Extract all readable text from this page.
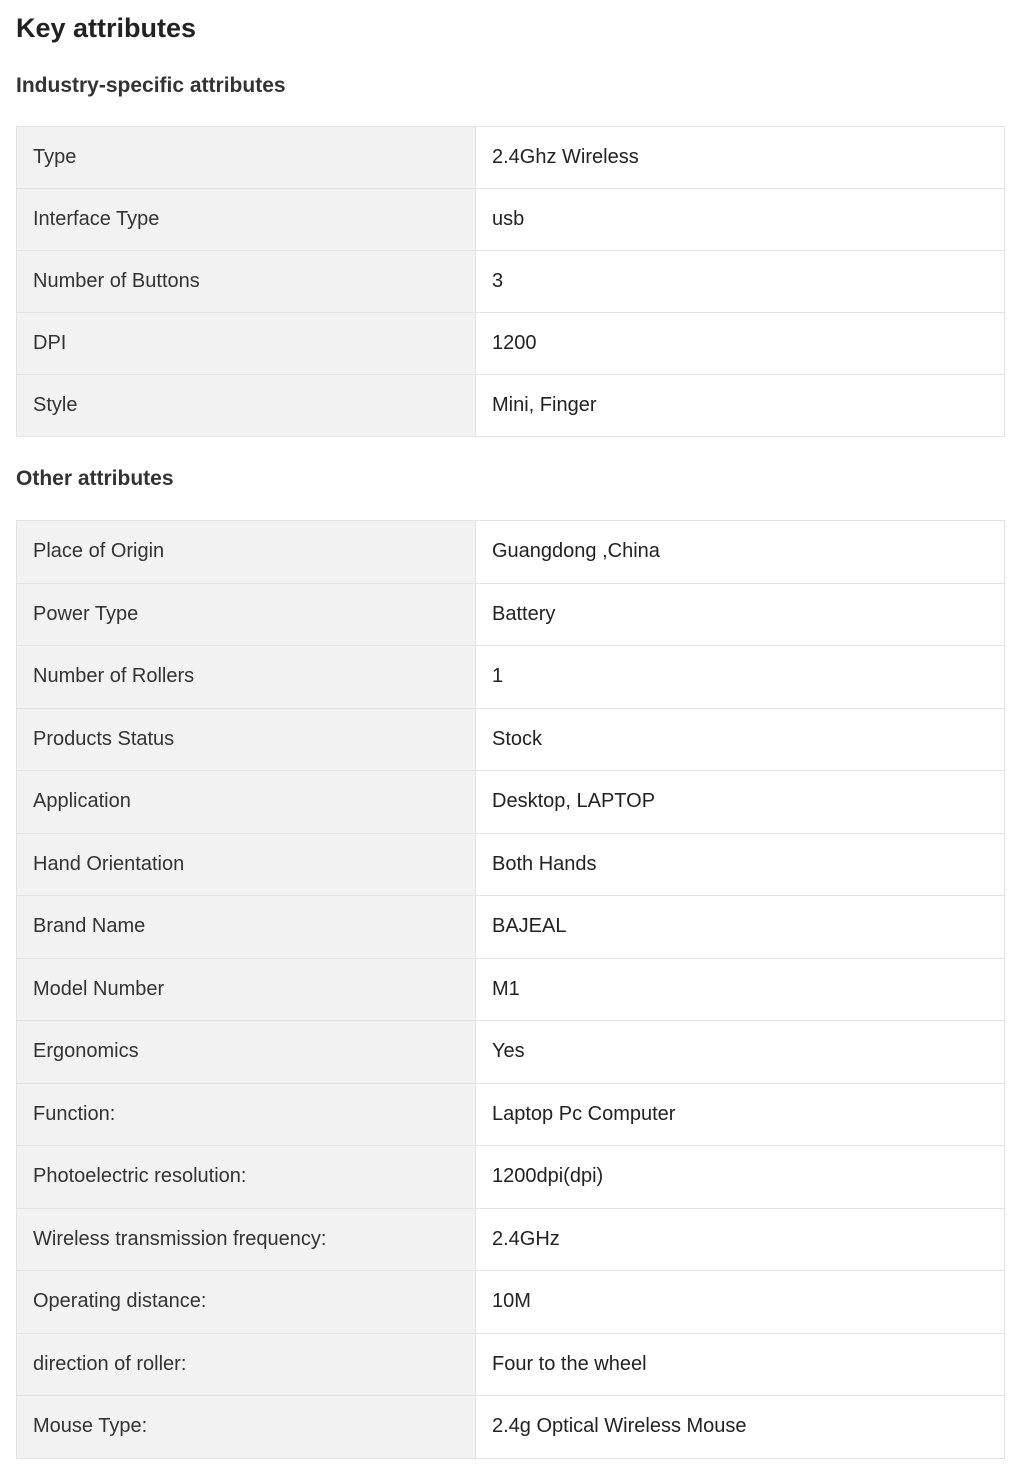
Key attributes
Industry-specific attributes
Type	2.4Ghz Wireless
Interface Type	usb
Number of Buttons	3
DPI	1200
Style	Mini, Finger
Other attributes
Place of Origin	Guangdong ,China
Power Type	Battery
Number of Rollers	1
Products Status	Stock
Application	Desktop, LAPTOP
Hand Orientation	Both Hands
Brand Name	BAJEAL
Model Number	M1
Ergonomics	Yes
Function:	Laptop Pc Computer
Photoelectric resolution:	1200dpi(dpi)
Wireless transmission frequency:	2.4GHz
Operating distance:	10M
direction of roller:	Four to the wheel
Mouse Type:	2.4g Optical Wireless Mouse
